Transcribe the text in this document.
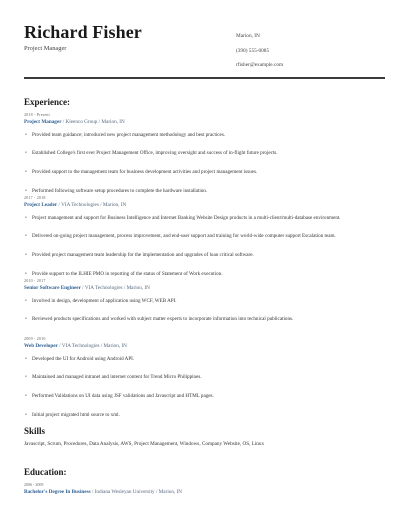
Richard Fisher
Project Manager
Marion, IN
(390) 555-0085
rfisher@example.com
Experience:
2018 - Present
Project Manager / Kleenco Group / Marion, IN
• Provided team guidance; introduced new project management methodology and best practices.
• Established College's first ever Project Management Office, improving oversight and success of in-flight future projects.
• Provided support to the management team for business development activities and project management issues.
• Performed following software setup procedures to complete the hardware installation.
2017 - 2018
Project Leader / VIA Technologies / Marion, IN
• Project management and support for Business Intelligence and Internet Banking Website Design products in a multi-client/multi-database environment.
• Delivered on-going project management, process improvement, and end-user support and training for world-wide computer support Escalation team.
• Provided project management team leadership for the implementation and upgrades of loan critical software.
• Provide support to the ILHIE PMO in reporting of the status of Statement of Work execution.
2010 - 2017
Senior Software Engineer / VIA Technologies / Marion, IN
• Involved in design, development of application using WCF, WEB API.
• Reviewed products specifications and worked with subject matter experts to incorporate information into technical publications.
2009 - 2010
Web Developer / VIA Technologies / Marion, IN
• Developed the UI for Android using Android API.
• Maintained and managed intranet and internet content for Trend Micro Philippines.
• Performed Validations on UI data using JSF validations and Javascript and HTML pages.
• Initial project migrated html source to xml.
Skills
Javascript, Scrum, Procedures, Data Analysis, AWS, Project Management, Windows, Company Website, OS, Linux
Education:
2006 - 2009
Bachelor's Degree In Business / Indiana Wesleyan University / Marion, IN
